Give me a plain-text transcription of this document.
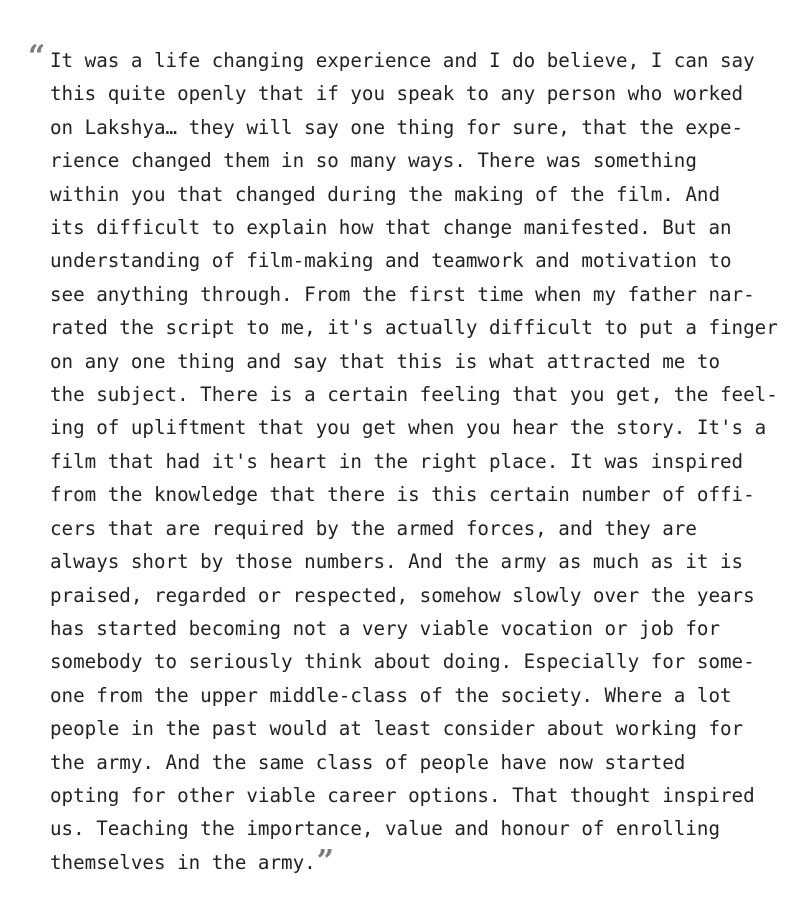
“ It was a life changing experience and I do believe, I can say
this quite openly that if you speak to any person who worked
on Lakshya… they will say one thing for sure, that the expe-
rience changed them in so many ways. There was something
within you that changed during the making of the film. And
its difficult to explain how that change manifested. But an
understanding of film-making and teamwork and motivation to
see anything through. From the first time when my father nar-
rated the script to me, it's actually difficult to put a finger
on any one thing and say that this is what attracted me to
the subject. There is a certain feeling that you get, the feel-
ing of upliftment that you get when you hear the story. It's a
film that had it's heart in the right place. It was inspired
from the knowledge that there is this certain number of offi-
cers that are required by the armed forces, and they are
always short by those numbers. And the army as much as it is
praised, regarded or respected, somehow slowly over the years
has started becoming not a very viable vocation or job for
somebody to seriously think about doing. Especially for some-
one from the upper middle-class of the society. Where a lot
people in the past would at least consider about working for
the army. And the same class of people have now started
opting for other viable career options. That thought inspired
us. Teaching the importance, value and honour of enrolling
themselves in the army.”
